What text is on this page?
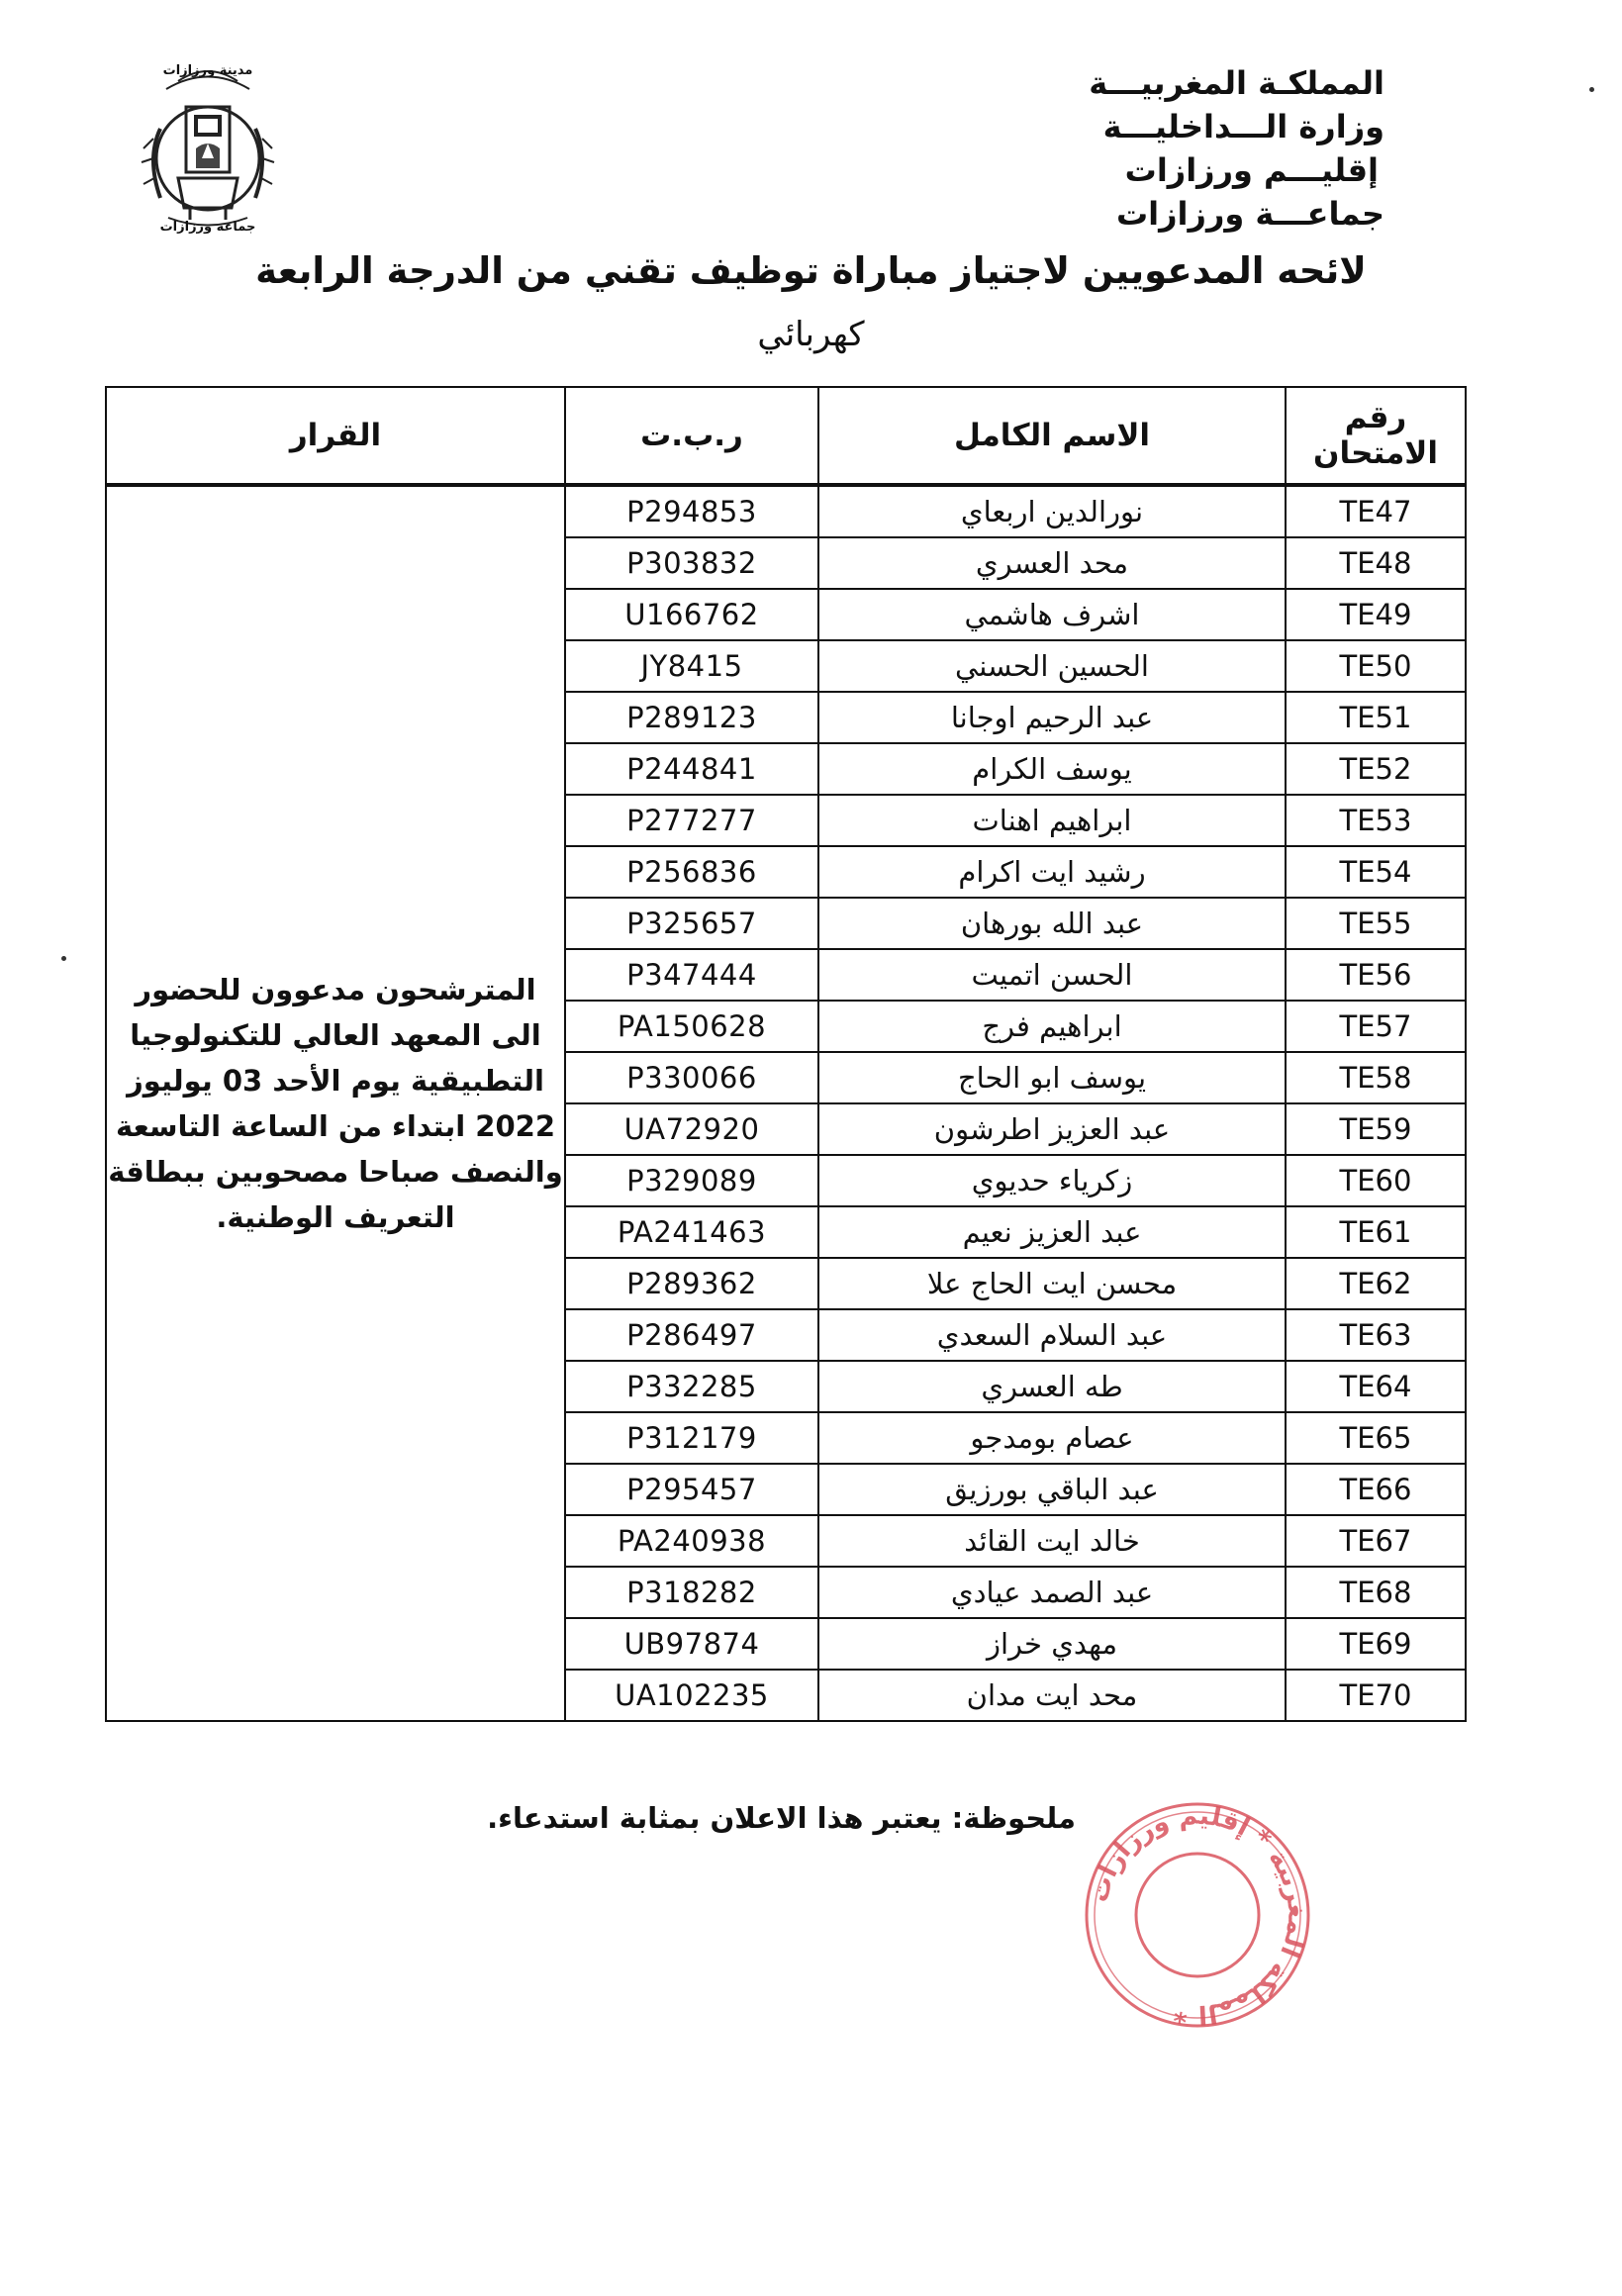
مدينة ورزازات
جماعة ورزازات
المملكـة المغربيـــة
وزارة الـــداخليـــة
إقليـــم ورزازات
جماعـــة ورزازات
لائحه المدعويين لاجتياز مباراة توظيف تقني من الدرجة الرابعة
كهربائي
رقم الامتحان	الاسم الكامل	ر.ب.ت	القرار
TE47	نورالدين اربعاي	P294853	المترشحون مدعوون للحضور الى المعهد العالي للتكنولوجيا التطبيقية يوم الأحد 03 يوليوز 2022 ابتداء من الساعة التاسعة والنصف صباحا مصحوبين ببطاقة التعريف الوطنية.
TE48	محد العسري	P303832	
TE49	اشرف هاشمي	U166762	
TE50	الحسين الحسني	JY8415	
TE51	عبد الرحيم اوجانا	P289123	
TE52	يوسف الكرام	P244841	
TE53	ابراهيم اهنات	P277277	
TE54	رشيد ايت اكرام	P256836	
TE55	عبد الله بورهان	P325657	
TE56	الحسن اتميت	P347444	
TE57	ابراهيم فرج	PA150628	
TE58	يوسف ابو الحاج	P330066	
TE59	عبد العزيز اطرشون	UA72920	
TE60	زكرياء حديوي	P329089	
TE61	عبد العزيز نعيم	PA241463	
TE62	محسن ايت الحاج علا	P289362	
TE63	عبد السلام السعدي	P286497	
TE64	طه العسري	P332285	
TE65	عصام بومدجو	P312179	
TE66	عبد الباقي بورزيق	P295457	
TE67	خالد ايت القائد	PA240938	
TE68	عبد الصمد عيادي	P318282	
TE69	مهدي خراز	UB97874	
TE70	محد ايت مدان	UA102235	
ملحوظة: يعتبر هذا الاعلان بمثابة استدعاء.
المملكة المغربية * إقليم ورزازات *
